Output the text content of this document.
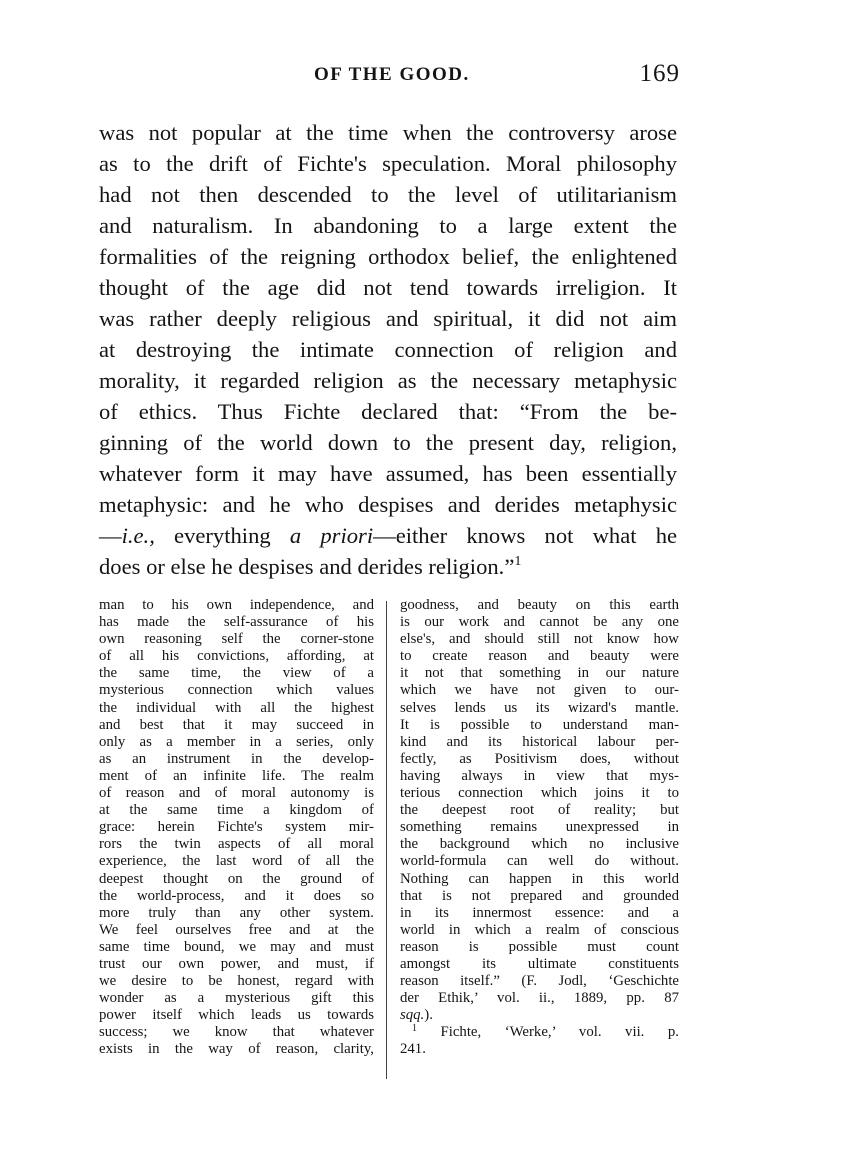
OF THE GOOD.	169
was not popular at the time when the controversy arose
as to the drift of Fichte's speculation. Moral philosophy
had not then descended to the level of utilitarianism
and naturalism. In abandoning to a large extent the
formalities of the reigning orthodox belief, the enlightened
thought of the age did not tend towards irreligion. It
was rather deeply religious and spiritual, it did not aim
at destroying the intimate connection of religion and
morality, it regarded religion as the necessary metaphysic
of ethics. Thus Fichte declared that: “From the be-
ginning of the world down to the present day, religion,
whatever form it may have assumed, has been essentially
metaphysic: and he who despises and derides metaphysic
—i.e., everything a priori—either knows not what he
does or else he despises and derides religion.”$^1$
man to his own independence, and
has made the self-assurance of his
own reasoning self the corner-stone
of all his convictions, affording, at
the same time, the view of a
mysterious connection which values
the individual with all the highest
and best that it may succeed in
only as a member in a series, only
as an instrument in the develop-
ment of an infinite life. The realm
of reason and of moral autonomy is
at the same time a kingdom of
grace: herein Fichte's system mir-
rors the twin aspects of all moral
experience, the last word of all the
deepest thought on the ground of
the world-process, and it does so
more truly than any other system.
We feel ourselves free and at the
same time bound, we may and must
trust our own power, and must, if
we desire to be honest, regard with
wonder as a mysterious gift this
power itself which leads us towards
success; we know that whatever
exists in the way of reason, clarity,
goodness, and beauty on this earth
is our work and cannot be any one
else's, and should still not know how
to create reason and beauty were
it not that something in our nature
which we have not given to our-
selves lends us its wizard's mantle.
It is possible to understand man-
kind and its historical labour per-
fectly, as Positivism does, without
having always in view that mys-
terious connection which joins it to
the deepest root of reality; but
something remains unexpressed in
the background which no inclusive
world-formula can well do without.
Nothing can happen in this world
that is not prepared and grounded
in its innermost essence: and a
world in which a realm of conscious
reason is possible must count
amongst its ultimate constituents
reason itself.” (F. Jodl, ‘Geschichte
der Ethik,’ vol. ii., 1889, pp. 87
sqq.).
$^1$ Fichte, ‘Werke,’ vol. vii. p.
241.
